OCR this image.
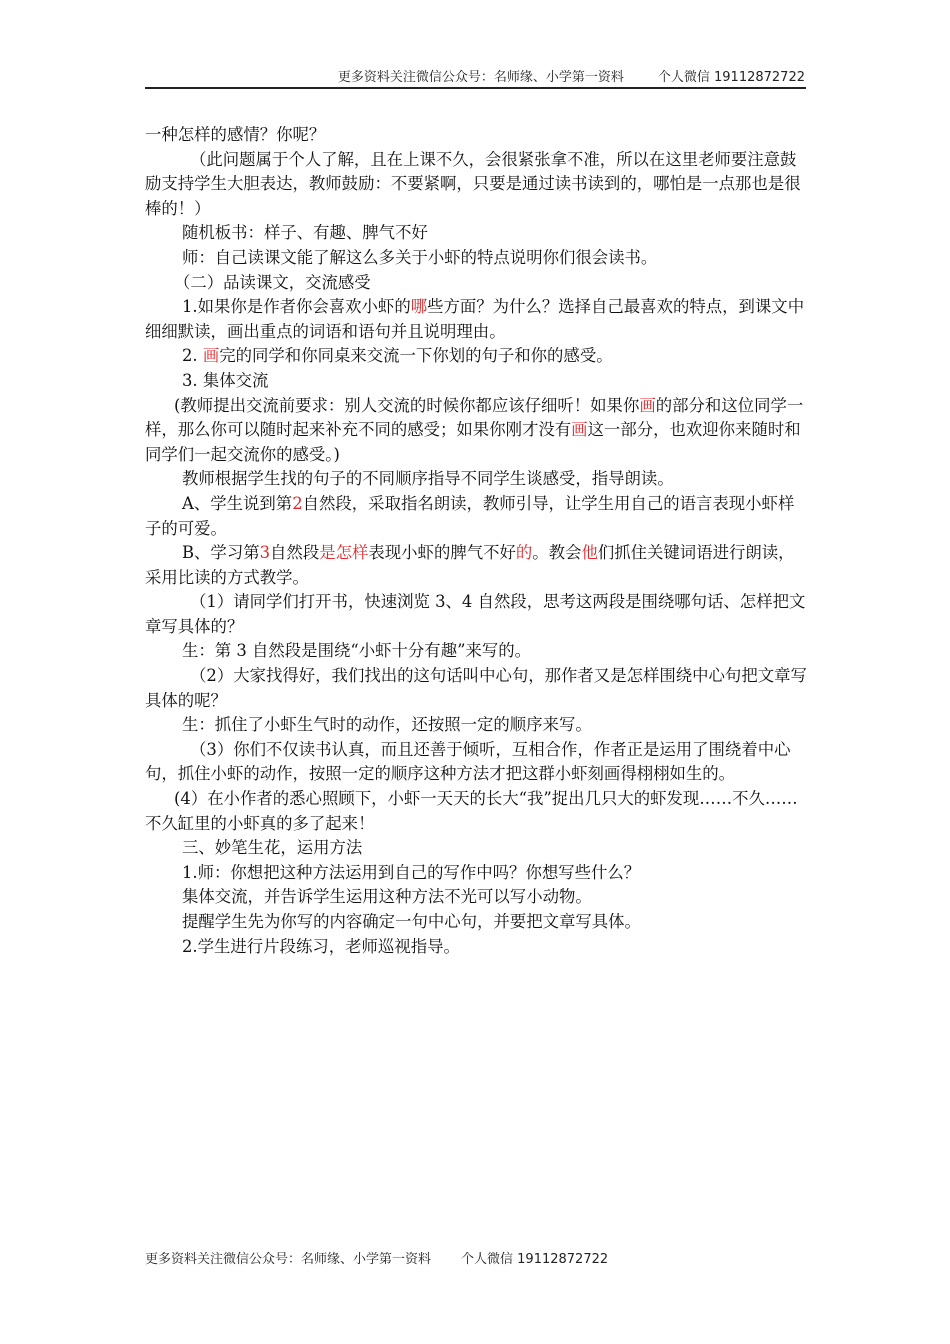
更多资料关注微信公众号：名师缘、小学第一资料	个人微信 19112872722

一种怎样的感情？你呢？

（此问题属于个人了解，且在上课不久，会很紧张拿不准，所以在这里老师要注意鼓励支持学生大胆表达，教师鼓励：不要紧啊，只要是通过读书读到的，哪怕是一点那也是很棒的！）

随机板书：样子、有趣、脾气不好

师：自己读课文能了解这么多关于小虾的特点说明你们很会读书。

（二）品读课文，交流感受

1.如果你是作者你会喜欢小虾的哪些方面？为什么？选择自己最喜欢的特点，到课文中细细默读，画出重点的词语和语句并且说明理由。

2. 画完的同学和你同桌来交流一下你划的句子和你的感受。

3. 集体交流

(教师提出交流前要求：别人交流的时候你都应该仔细听！如果你画的部分和这位同学一样，那么你可以随时起来补充不同的感受；如果你刚才没有画这一部分，也欢迎你来随时和同学们一起交流你的感受。)

教师根据学生找的句子的不同顺序指导不同学生谈感受，指导朗读。

A、学生说到第2自然段，采取指名朗读，教师引导，让学生用自己的语言表现小虾样子的可爱。

B、学习第3自然段是怎样表现小虾的脾气不好的。教会他们抓住关键词语进行朗读，采用比读的方式教学。

（1）请同学们打开书，快速浏览 3、4 自然段，思考这两段是围绕哪句话、怎样把文章写具体的？

生：第 3 自然段是围绕“小虾十分有趣”来写的。

（2）大家找得好，我们找出的这句话叫中心句，那作者又是怎样围绕中心句把文章写具体的呢？

生：抓住了小虾生气时的动作，还按照一定的顺序来写。

（3）你们不仅读书认真，而且还善于倾听，互相合作，作者正是运用了围绕着中心句，抓住小虾的动作，按照一定的顺序这种方法才把这群小虾刻画得栩栩如生的。

(4）在小作者的悉心照顾下，小虾一天天的长大“我”捉出几只大的虾发现……不久……不久缸里的小虾真的多了起来！

三、妙笔生花，运用方法

1.师：你想把这种方法运用到自己的写作中吗？你想写些什么？

集体交流，并告诉学生运用这种方法不光可以写小动物。

提醒学生先为你写的内容确定一句中心句，并要把文章写具体。

2.学生进行片段练习，老师巡视指导。

更多资料关注微信公众号：名师缘、小学第一资料 个人微信 19112872722
